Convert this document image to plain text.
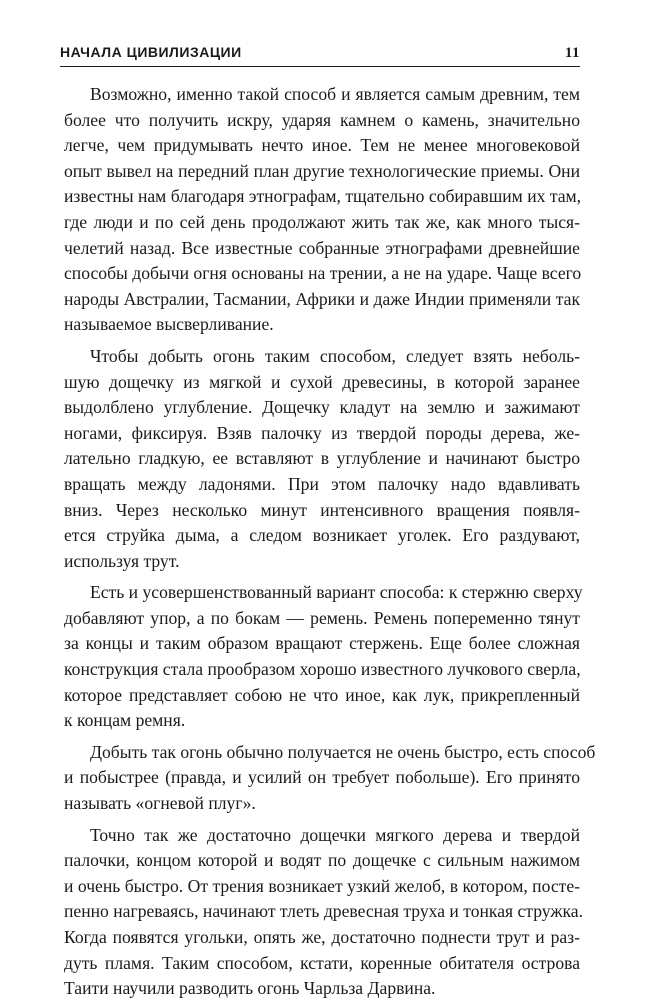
НАЧАЛА ЦИВИЛИЗАЦИИ	11

Возможно, именно такой способ и является самым древним, тем
более что получить искру, ударяя камнем о камень, значительно
легче, чем придумывать нечто иное. Тем не менее многовековой
опыт вывел на передний план другие технологические приемы. Они
известны нам благодаря этнографам, тщательно собиравшим их там,
где люди и по сей день продолжают жить так же, как много тыся-
челетий назад. Все известные собранные этнографами древнейшие
способы добычи огня основаны на трении, а не на ударе. Чаще всего
народы Австралии, Тасмании, Африки и даже Индии применяли так
называемое высверливание.

Чтобы добыть огонь таким способом, следует взять неболь-
шую дощечку из мягкой и сухой древесины, в которой заранее
выдолблено углубление. Дощечку кладут на землю и зажимают
ногами, фиксируя. Взяв палочку из твердой породы дерева, же-
лательно гладкую, ее вставляют в углубление и начинают быстро
вращать между ладонями. При этом палочку надо вдавливать
вниз. Через несколько минут интенсивного вращения появля-
ется струйка дыма, а следом возникает уголек. Его раздувают,
используя трут.

Есть и усовершенствованный вариант способа: к стержню сверху
добавляют упор, а по бокам — ремень. Ремень попеременно тянут
за концы и таким образом вращают стержень. Еще более сложная
конструкция стала прообразом хорошо известного лучкового сверла,
которое представляет собою не что иное, как лук, прикрепленный
к концам ремня.

Добыть так огонь обычно получается не очень быстро, есть способ
и побыстрее (правда, и усилий он требует побольше). Его принято
называть «огневой плуг».

Точно так же достаточно дощечки мягкого дерева и твердой
палочки, концом которой и водят по дощечке с сильным нажимом
и очень быстро. От трения возникает узкий желоб, в котором, посте-
пенно нагреваясь, начинают тлеть древесная труха и тонкая стружка.
Когда появятся угольки, опять же, достаточно поднести трут и раз-
дуть пламя. Таким способом, кстати, коренные обитателя острова
Таити научили разводить огонь Чарльза Дарвина.
